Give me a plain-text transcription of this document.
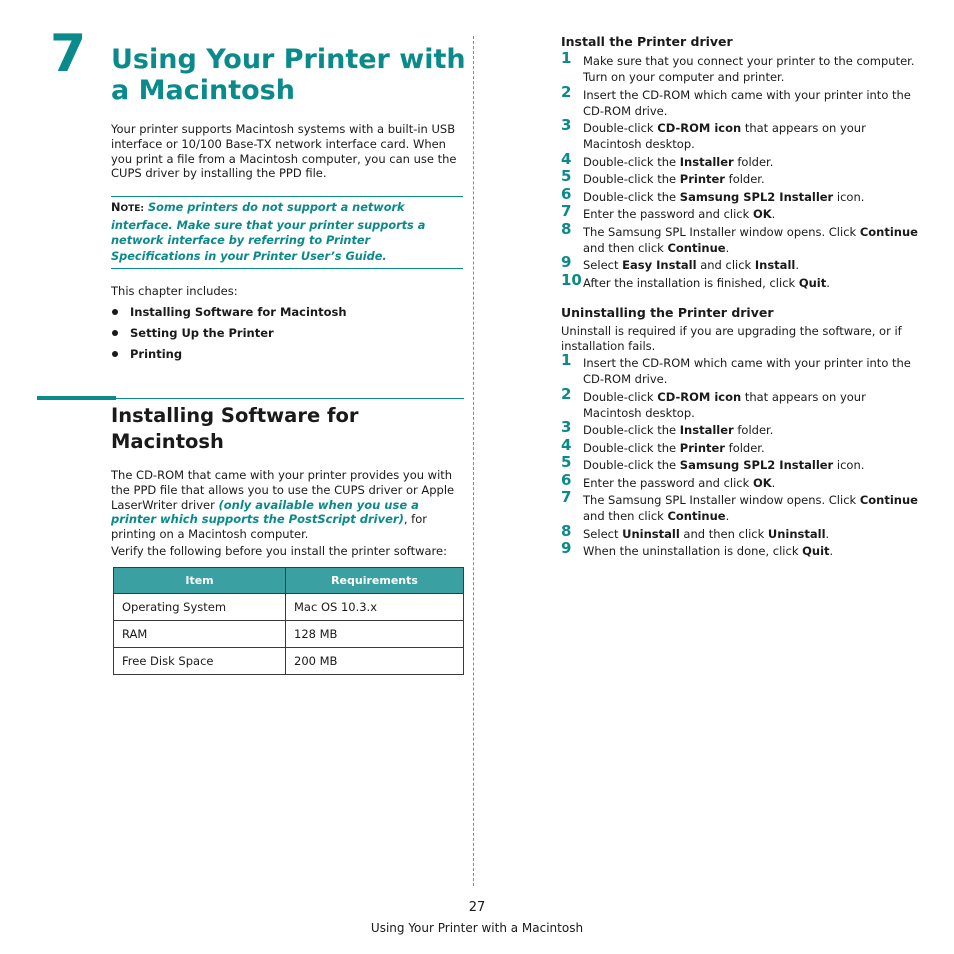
7 Using Your Printer with a Macintosh

Your printer supports Macintosh systems with a built-in USB interface or 10/100 Base-TX network interface card. When you print a file from a Macintosh computer, you can use the CUPS driver by installing the PPD file.

NOTE: Some printers do not support a network interface. Make sure that your printer supports a network interface by referring to Printer Specifications in your Printer User’s Guide.

This chapter includes:

Installing Software for Macintosh
Setting Up the Printer
Printing
Installing Software for Macintosh

The CD-ROM that came with your printer provides you with the PPD file that allows you to use the CUPS driver or Apple LaserWriter driver (only available when you use a printer which supports the PostScript driver), for printing on a Macintosh computer.

Verify the following before you install the printer software:

Item	Requirements
Operating System	Mac OS 10.3.x
RAM	128 MB
Free Disk Space	200 MB
Install the Printer driver
1 Make sure that you connect your printer to the computer. Turn on your computer and printer.
2 Insert the CD-ROM which came with your printer into the CD-ROM drive.
3 Double-click CD-ROM icon that appears on your Macintosh desktop.
4 Double-click the Installer folder.
5 Double-click the Printer folder.
6 Double-click the Samsung SPL2 Installer icon.
7 Enter the password and click OK.
8 The Samsung SPL Installer window opens. Click Continue and then click Continue.
9 Select Easy Install and click Install.
10 After the installation is finished, click Quit.
Uninstalling the Printer driver

Uninstall is required if you are upgrading the software, or if installation fails.

1 Insert the CD-ROM which came with your printer into the CD-ROM drive.
2 Double-click CD-ROM icon that appears on your Macintosh desktop.
3 Double-click the Installer folder.
4 Double-click the Printer folder.
5 Double-click the Samsung SPL2 Installer icon.
6 Enter the password and click OK.
7 The Samsung SPL Installer window opens. Click Continue and then click Continue.
8 Select Uninstall and then click Uninstall.
9 When the uninstallation is done, click Quit.
27
Using Your Printer with a Macintosh
